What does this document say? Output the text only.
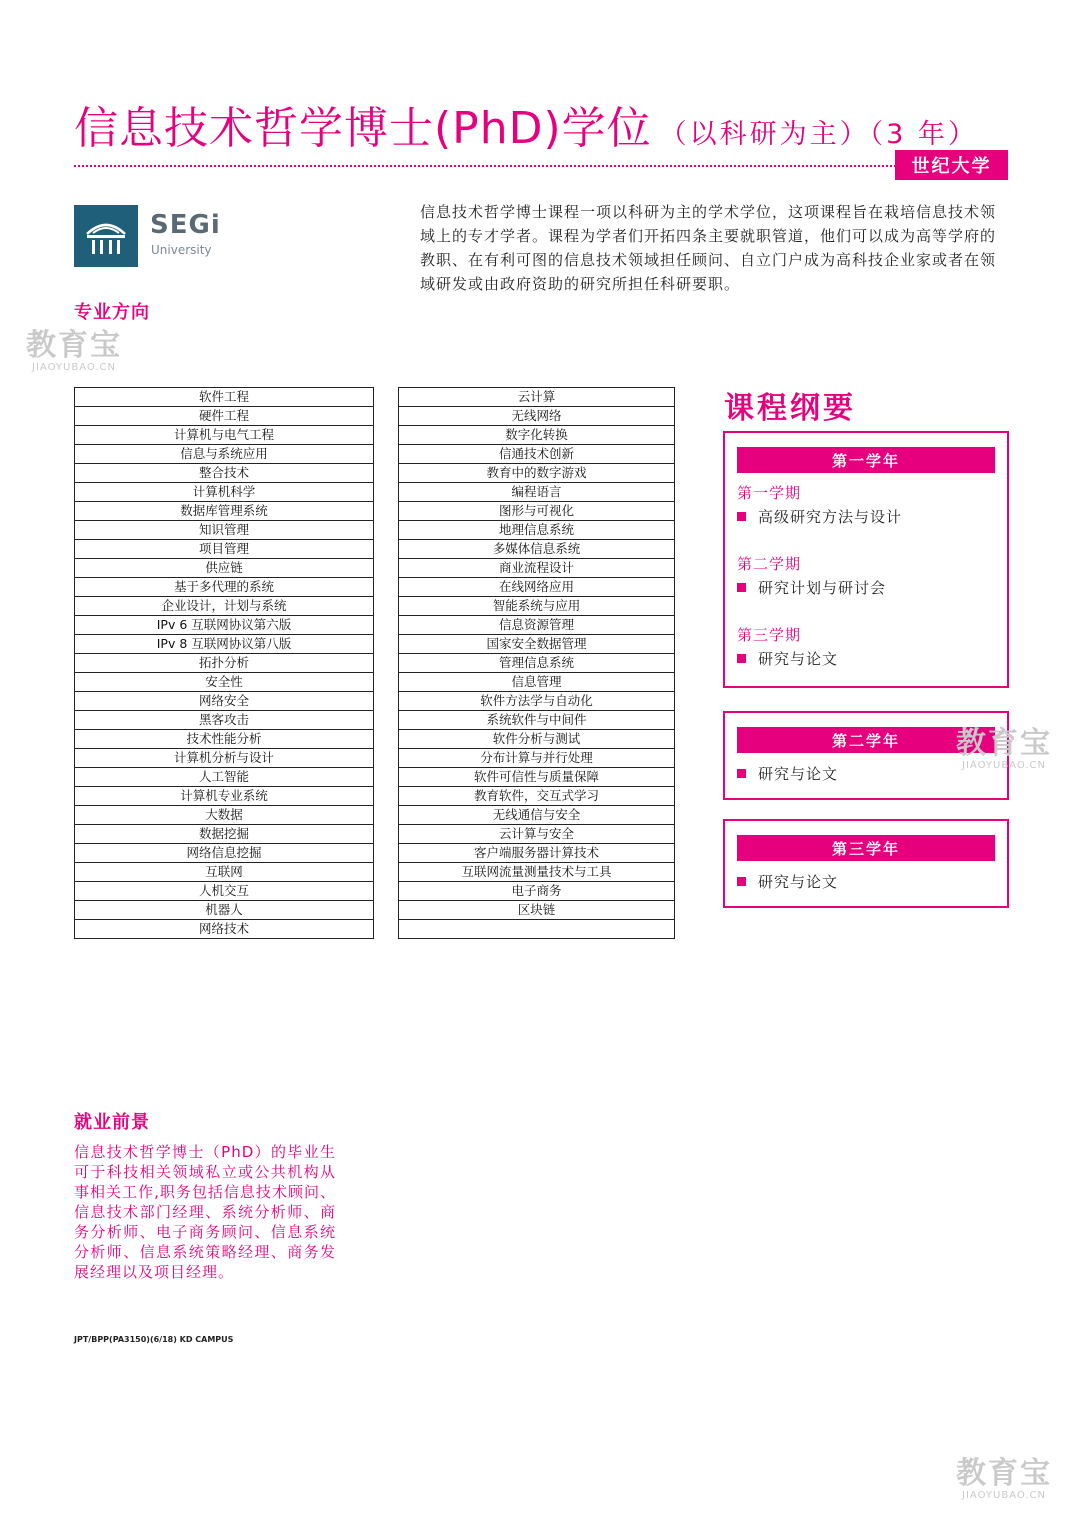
信息技术哲学博士(PhD)学位 （以科研为主）（3 年）
世纪大学
SEGi
University
信息技术哲学博士课程一项以科研为主的学术学位，这项课程旨在栽培信息技术领域上的专才学者。课程为学者们开拓四条主要就职管道，他们可以成为高等学府的教职、在有利可图的信息技术领域担任顾问、自立门户成为高科技企业家或者在领域研发或由政府资助的研究所担任科研要职。
专业方向
教育宝
JIAOYUBAO.CN
软件工程
硬件工程
计算机与电气工程
信息与系统应用
整合技术
计算机科学
数据库管理系统
知识管理
项目管理
供应链
基于多代理的系统
企业设计，计划与系统
IPv 6 互联网协议第六版
IPv 8 互联网协议第八版
拓扑分析
安全性
网络安全
黑客攻击
技术性能分析
计算机分析与设计
人工智能
计算机专业系统
大数据
数据挖掘
网络信息挖掘
互联网
人机交互
机器人
网络技术
云计算
无线网络
数字化转换
信通技术创新
教育中的数字游戏
编程语言
图形与可视化
地理信息系统
多媒体信息系统
商业流程设计
在线网络应用
智能系统与应用
信息资源管理
国家安全数据管理
管理信息系统
信息管理
软件方法学与自动化
系统软件与中间件
软件分析与测试
分布计算与并行处理
软件可信性与质量保障
教育软件，交互式学习
无线通信与安全
云计算与安全
客户端服务器计算技术
互联网流量测量技术与工具
电子商务
区块链

课程纲要
第一学年
第一学期
高级研究方法与设计
第二学期
研究计划与研讨会
第三学期
研究与论文
第二学年
研究与论文
第三学年
研究与论文
教育宝
JIAOYUBAO.CN
就业前景
信息技术哲学博士（PhD）的毕业生可于科技相关领域私立或公共机构从事相关工作,职务包括信息技术顾问、信息技术部门经理、系统分析师、商务分析师、电子商务顾问、信息系统分析师、信息系统策略经理、商务发展经理以及项目经理。
JPT/BPP(PA3150)(6/18) KD CAMPUS
教育宝
JIAOYUBAO.CN
